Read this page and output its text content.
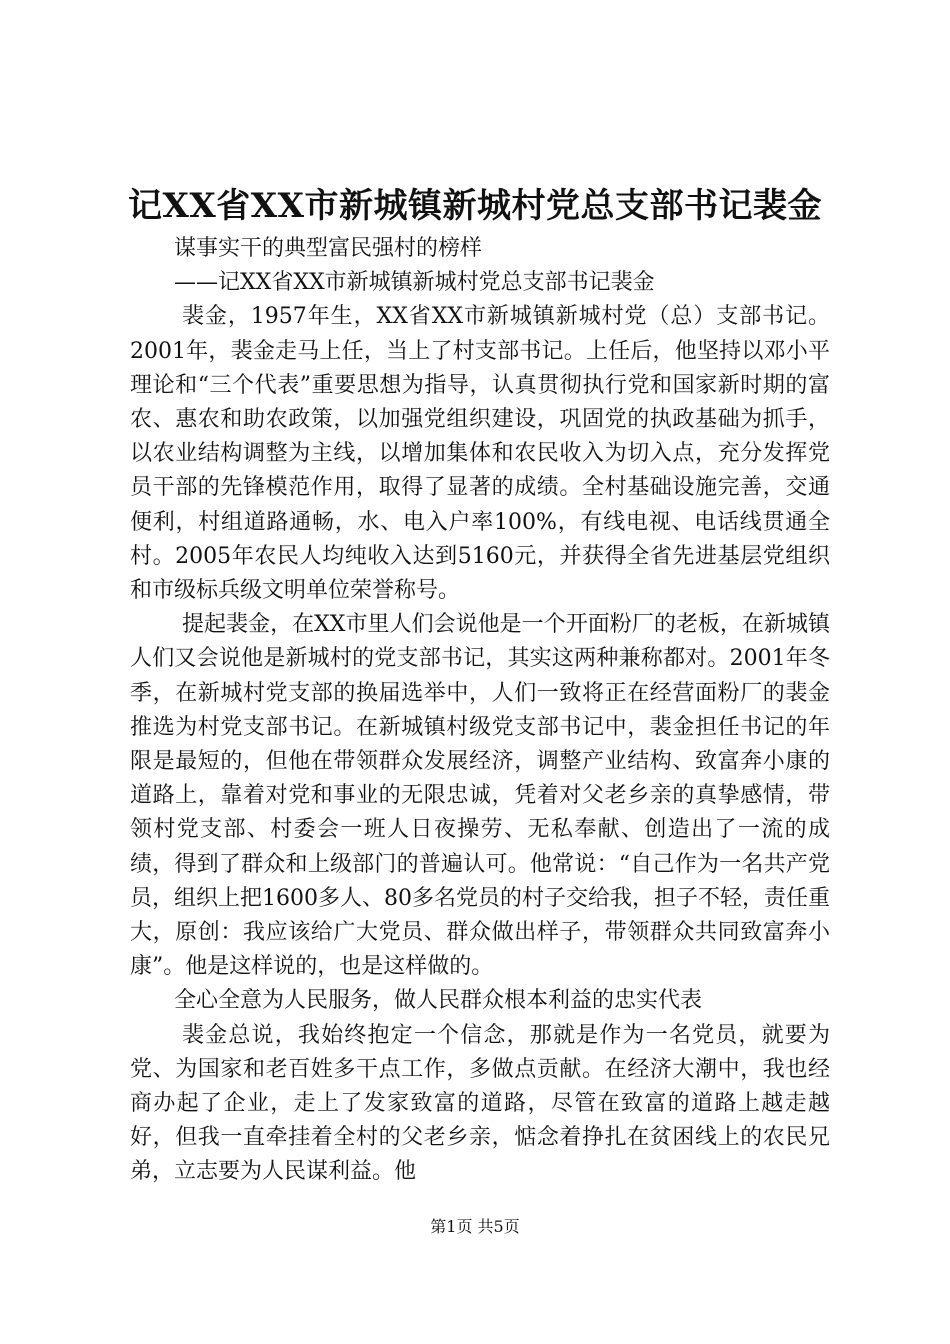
记XX省XX市新城镇新城村党总支部书记裴金

谋事实干的典型富民强村的榜样

——记XX省XX市新城镇新城村党总支部书记裴金

裴金，1957年生，XX省XX市新城镇新城村党（总）支部书记。2001年，裴金走马上任，当上了村支部书记。上任后，他坚持以邓小平理论和“三个代表”重要思想为指导，认真贯彻执行党和国家新时期的富农、惠农和助农政策，以加强党组织建设，巩固党的执政基础为抓手，以农业结构调整为主线，以增加集体和农民收入为切入点，充分发挥党员干部的先锋模范作用，取得了显著的成绩。全村基础设施完善，交通便利，村组道路通畅，水、电入户率100%，有线电视、电话线贯通全村。2005年农民人均纯收入达到5160元，并获得全省先进基层党组织和市级标兵级文明单位荣誉称号。

提起裴金，在XX市里人们会说他是一个开面粉厂的老板，在新城镇人们又会说他是新城村的党支部书记，其实这两种兼称都对。2001年冬季，在新城村党支部的换届选举中，人们一致将正在经营面粉厂的裴金推选为村党支部书记。在新城镇村级党支部书记中，裴金担任书记的年限是最短的，但他在带领群众发展经济，调整产业结构、致富奔小康的道路上，靠着对党和事业的无限忠诚，凭着对父老乡亲的真挚感情，带领村党支部、村委会一班人日夜操劳、无私奉献、创造出了一流的成绩，得到了群众和上级部门的普遍认可。他常说：“自己作为一名共产党员，组织上把1600多人、80多名党员的村子交给我，担子不轻，责任重大，原创：我应该给广大党员、群众做出样子，带领群众共同致富奔小康”。他是这样说的，也是这样做的。

全心全意为人民服务，做人民群众根本利益的忠实代表

裴金总说，我始终抱定一个信念，那就是作为一名党员，就要为党、为国家和老百姓多干点工作，多做点贡献。在经济大潮中，我也经商办起了企业，走上了发家致富的道路，尽管在致富的道路上越走越好，但我一直牵挂着全村的父老乡亲，惦念着挣扎在贫困线上的农民兄弟，立志要为人民谋利益。他

第1页 共5页
